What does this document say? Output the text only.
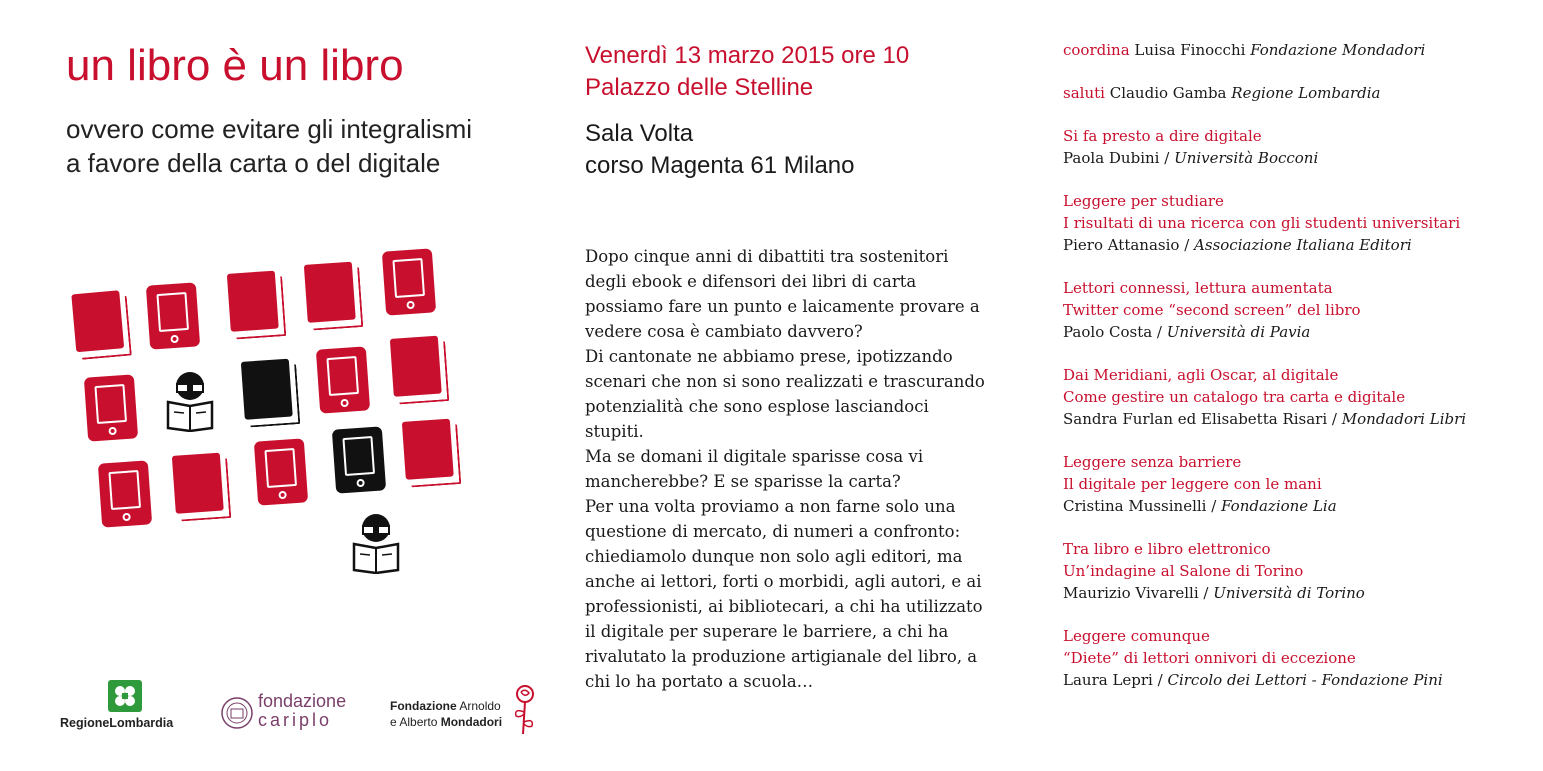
un libro è un libro
ovvero come evitare gli integralismi
a favore della carta o del digitale
Venerdì 13 marzo 2015 ore 10
Palazzo delle Stelline
Sala Volta
corso Magenta 61 Milano
Dopo cinque anni di dibattiti tra sostenitori
degli ebook e difensori dei libri di carta
possiamo fare un punto e laicamente provare a
vedere cosa è cambiato davvero?
Di cantonate ne abbiamo prese, ipotizzando
scenari che non si sono realizzati e trascurando
potenzialità che sono esplose lasciandoci
stupiti.
Ma se domani il digitale sparisse cosa vi
mancherebbe? E se sparisse la carta?
Per una volta proviamo a non farne solo una
questione di mercato, di numeri a confronto:
chiediamolo dunque non solo agli editori, ma
anche ai lettori, forti o morbidi, agli autori, e ai
professionisti, ai bibliotecari, a chi ha utilizzato
il digitale per superare le barriere, a chi ha
rivalutato la produzione artigianale del libro, a
chi lo ha portato a scuola…
coordina Luisa Finocchi Fondazione Mondadori
saluti Claudio Gamba Regione Lombardia
Si fa presto a dire digitale
Paola Dubini / Università Bocconi
Leggere per studiare
I risultati di una ricerca con gli studenti universitari
Piero Attanasio / Associazione Italiana Editori
Lettori connessi, lettura aumentata
Twitter come “second screen” del libro
Paolo Costa / Università di Pavia
Dai Meridiani, agli Oscar, al digitale
Come gestire un catalogo tra carta e digitale
Sandra Furlan ed Elisabetta Risari / Mondadori Libri
Leggere senza barriere
Il digitale per leggere con le mani
Cristina Mussinelli / Fondazione Lia
Tra libro e libro elettronico
Un’indagine al Salone di Torino
Maurizio Vivarelli / Università di Torino
Leggere comunque
“Diete” di lettori onnivori di eccezione
Laura Lepri / Circolo dei Lettori - Fondazione Pini
RegioneLombardia
fondazione
cariplo
Fondazione Arnoldo
e Alberto Mondadori
